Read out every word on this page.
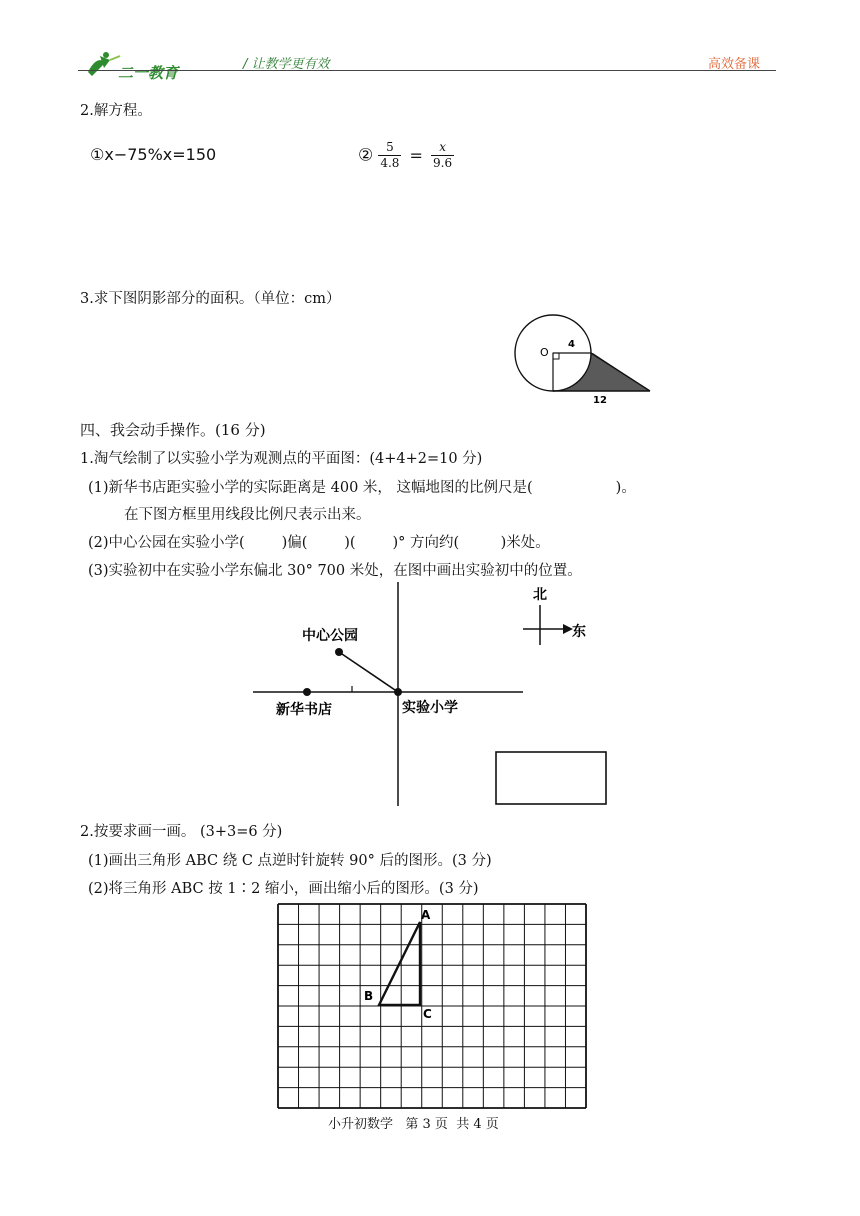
二一教育	/ 让教学更有效	高效备课
2.解方程。
①x−75%x=150	② $\frac{5}{4.8} = \frac{x}{9.6}$
3.求下图阴影部分的面积。（单位：cm）
O
4
12
四、我会动手操作。(16 分)
1.淘气绘制了以实验小学为观测点的平面图：(4+4+2=10 分)
(1)新华书店距实验小学的实际距离是 400 米， 这幅地图的比例尺是(                  )。
在下图方框里用线段比例尺表示出来。
(2)中心公园在实验小学(        )偏(        )(        )° 方向约(         )米处。
(3)实验初中在实验小学东偏北 30° 700 米处，在图中画出实验初中的位置。
中心公园
新华书店	实验小学
北
东
2.按要求画一画。 (3+3=6 分)
(1)画出三角形 ABC 绕 C 点逆时针旋转 90° 后的图形。(3 分)
(2)将三角形 ABC 按 1∶2 缩小，画出缩小后的图形。(3 分)
A
B
C
小升初数学   第 3 页  共 4 页
